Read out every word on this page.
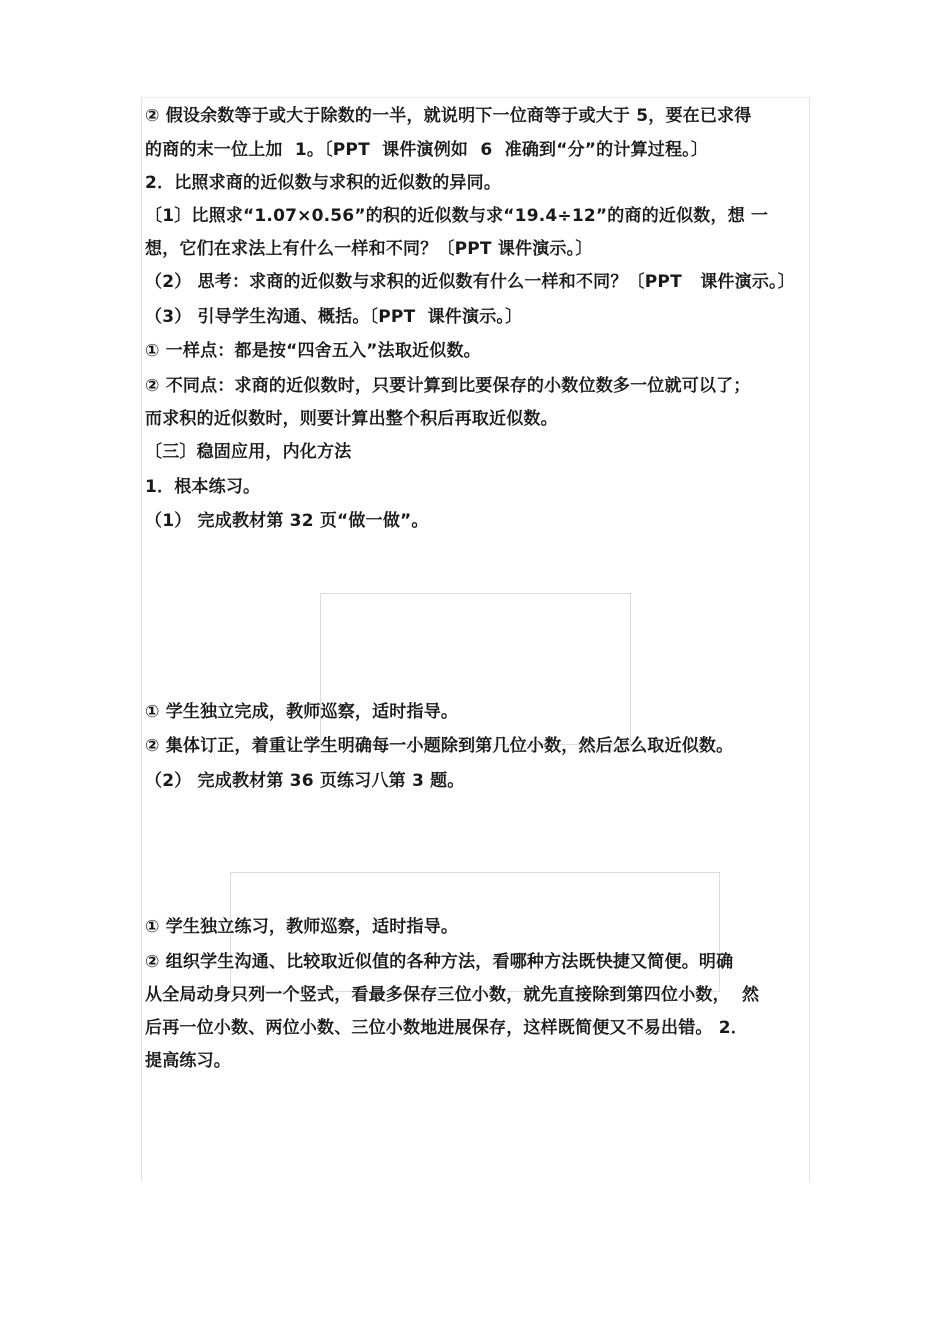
② 假设余数等于或大于除数的一半，就说明下一位商等于或大于 5，要在已求得
的商的末一位上加  1。〔PPT  课件演例如  6  准确到“分”的计算过程。〕
2．比照求商的近似数与求积的近似数的异同。
〔1〕比照求“1.07×0.56”的积的近似数与求“19.4÷12”的商的近似数，想 一
想，它们在求法上有什么一样和不同？〔PPT 课件演示。〕
（2） 思考：求商的近似数与求积的近似数有什么一样和不同？〔PPT   课件演示。〕
（3） 引导学生沟通、概括。〔PPT  课件演示。〕
① 一样点：都是按“四舍五入”法取近似数。
② 不同点：求商的近似数时，只要计算到比要保存的小数位数多一位就可以了；
而求积的近似数时，则要计算出整个积后再取近似数。
〔三〕稳固应用，内化方法
1．根本练习。
（1） 完成教材第 32 页“做一做”。
① 学生独立完成，教师巡察，适时指导。
② 集体订正，着重让学生明确每一小题除到第几位小数，然后怎么取近似数。
（2） 完成教材第 36 页练习八第 3 题。
① 学生独立练习，教师巡察，适时指导。
② 组织学生沟通、比较取近似值的各种方法，看哪种方法既快捷又简便。明确
从全局动身只列一个竖式，看最多保存三位小数，就先直接除到第四位小数，  然
后再一位小数、两位小数、三位小数地进展保存，这样既简便又不易出错。 2．
提高练习。
